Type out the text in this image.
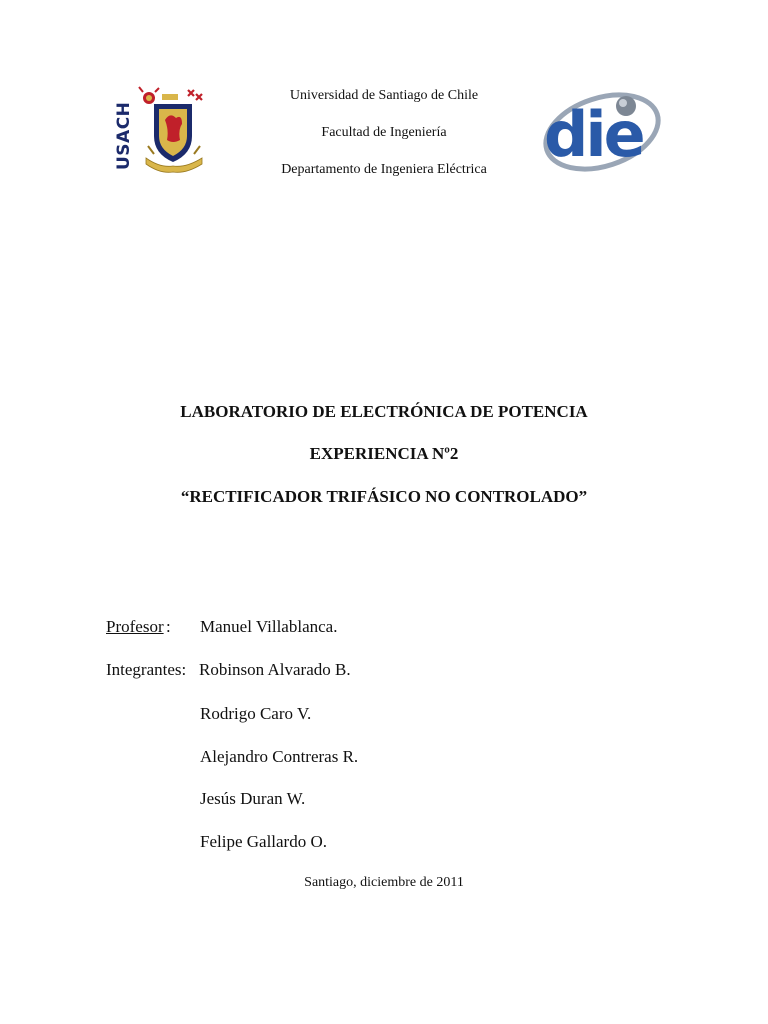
USACH	die
Universidad de Santiago de Chile
Facultad de Ingeniería
Departamento de Ingeniera Eléctrica
LABORATORIO DE ELECTRÓNICA DE POTENCIA
EXPERIENCIA Nº2
“RECTIFICADOR TRIFÁSICO NO CONTROLADO”
Profesor : Manuel Villablanca.
Integrantes: Robinson Alvarado B.
Rodrigo Caro V.
Alejandro Contreras R.
Jesús Duran W.
Felipe Gallardo O.
Santiago, diciembre de 2011
